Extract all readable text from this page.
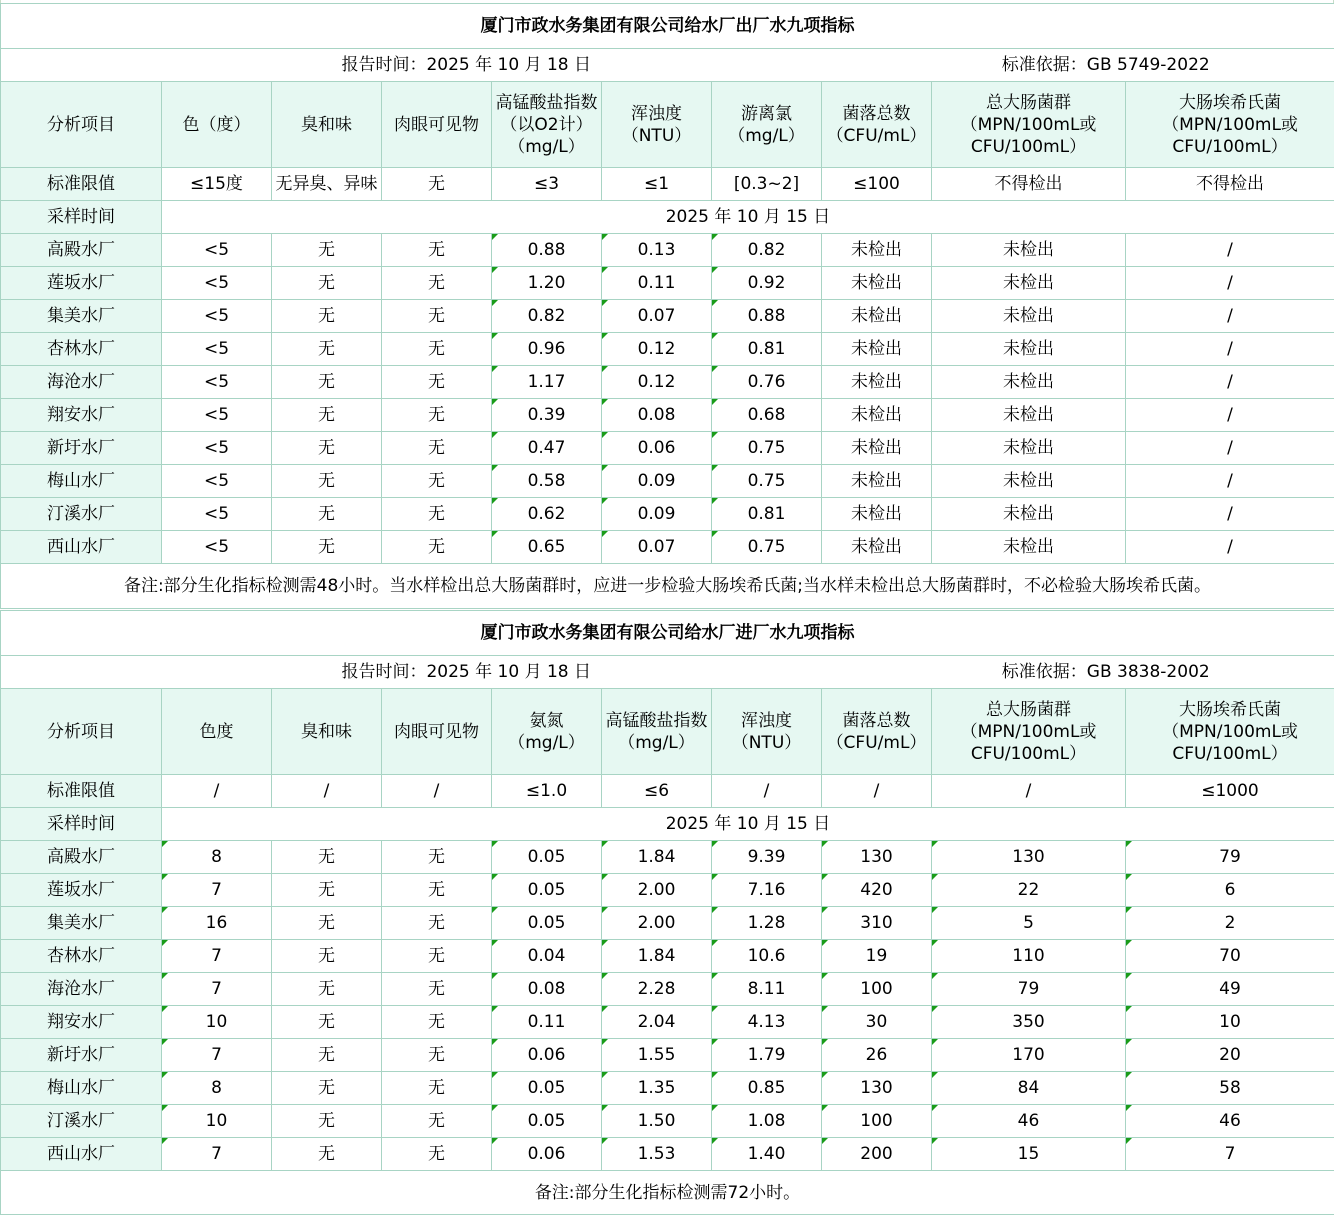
厦门市政水务集团有限公司给水厂出厂水九项指标									
报告时间：2025 年 10 月 18 日								标准依据：GB 5749-2022	

分析项目	色（度）	臭和味	肉眼可见物	高锰酸盐指数
（以O2计）
（mg/L）	浑浊度
（NTU）	游离氯
（mg/L）	菌落总数
（CFU/mL）	总大肠菌群
（MPN/100mL或
CFU/100mL）	大肠埃希氏菌
（MPN/100mL或
CFU/100mL）

标准限值	≤15度	无异臭、异味	无	≤3	≤1	[0.3~2]	≤100	不得检出	不得检出
采样时间	2025 年 10 月 15 日								
高殿水厂	<5	无	无	0.88	0.13	0.82	未检出	未检出	/
莲坂水厂	<5	无	无	1.20	0.11	0.92	未检出	未检出	/
集美水厂	<5	无	无	0.82	0.07	0.88	未检出	未检出	/
杏林水厂	<5	无	无	0.96	0.12	0.81	未检出	未检出	/
海沧水厂	<5	无	无	1.17	0.12	0.76	未检出	未检出	/
翔安水厂	<5	无	无	0.39	0.08	0.68	未检出	未检出	/
新圩水厂	<5	无	无	0.47	0.06	0.75	未检出	未检出	/
梅山水厂	<5	无	无	0.58	0.09	0.75	未检出	未检出	/
汀溪水厂	<5	无	无	0.62	0.09	0.81	未检出	未检出	/
西山水厂	<5	无	无	0.65	0.07	0.75	未检出	未检出	/
备注:部分生化指标检测需48小时。当水样检出总大肠菌群时，应进一步检验大肠埃希氏菌;当水样未检出总大肠菌群时，不必检验大肠埃希氏菌。									
厦门市政水务集团有限公司给水厂进厂水九项指标									
报告时间：2025 年 10 月 18 日								标准依据：GB 3838-2002	

分析项目	色度	臭和味	肉眼可见物	氨氮
（mg/L）	高锰酸盐指数
（mg/L）	浑浊度
（NTU）	菌落总数
（CFU/mL）	总大肠菌群
（MPN/100mL或
CFU/100mL）	大肠埃希氏菌
（MPN/100mL或
CFU/100mL）

标准限值	/	/	/	≤1.0	≤6	/	/	/	≤1000
采样时间	2025 年 10 月 15 日								
高殿水厂	8	无	无	0.05	1.84	9.39	130	130	79
莲坂水厂	7	无	无	0.05	2.00	7.16	420	22	6
集美水厂	16	无	无	0.05	2.00	1.28	310	5	2
杏林水厂	7	无	无	0.04	1.84	10.6	19	110	70
海沧水厂	7	无	无	0.08	2.28	8.11	100	79	49
翔安水厂	10	无	无	0.11	2.04	4.13	30	350	10
新圩水厂	7	无	无	0.06	1.55	1.79	26	170	20
梅山水厂	8	无	无	0.05	1.35	0.85	130	84	58
汀溪水厂	10	无	无	0.05	1.50	1.08	100	46	46
西山水厂	7	无	无	0.06	1.53	1.40	200	15	7
备注:部分生化指标检测需72小时。									
